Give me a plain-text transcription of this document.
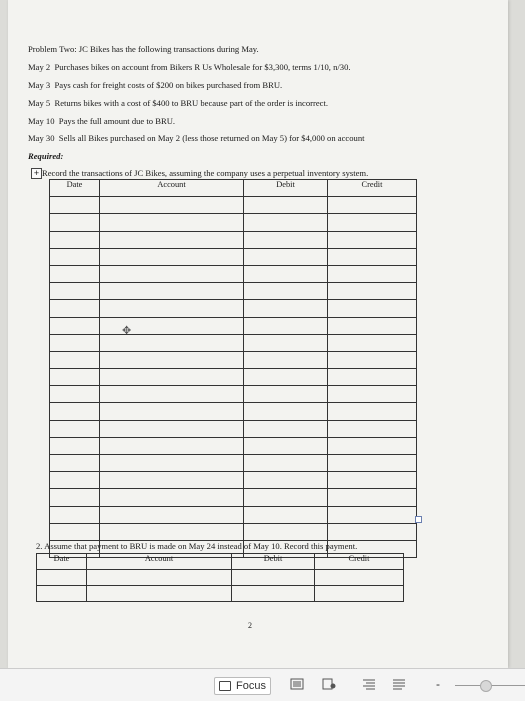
Problem Two: JC Bikes has the following transactions during May.
May 2 Purchases bikes on account from Bikers R Us Wholesale for $3,300, terms 1/10, n/30.
May 3 Pays cash for freight costs of $200 on bikes purchased from BRU.
May 5 Returns bikes with a cost of $400 to BRU because part of the order is incorrect.
May 10 Pays the full amount due to BRU.
May 30 Sells all Bikes purchased on May 2 (less those returned on May 5) for $4,000 on account
Required:
+ Record the transactions of JC Bikes, assuming the company uses a perpetual inventory system.
Date	Account	Debit	Credit

✥
2. Assume that payment to BRU is made on May 24 instead of May 10. Record this payment.
Date	Account	Debit	Credit

2
Focus	-
